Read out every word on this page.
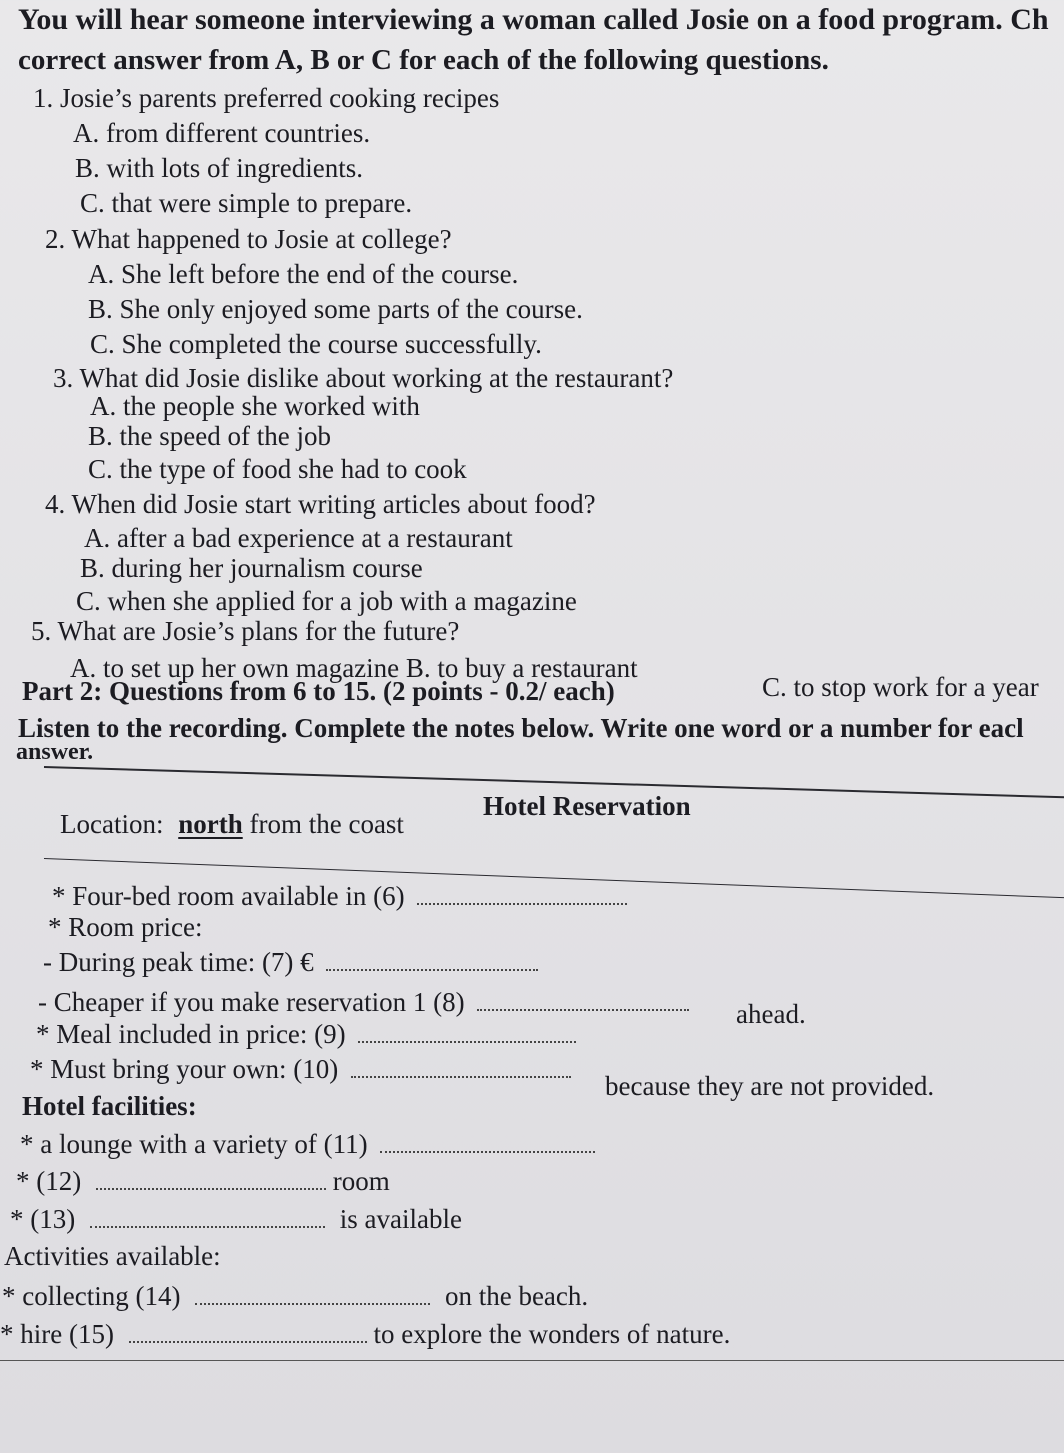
You will hear someone interviewing a woman called Josie on a food program. Ch
correct answer from A, B or C for each of the following questions.
1. Josie’s parents preferred cooking recipes
A. from different countries.
B. with lots of ingredients.
C. that were simple to prepare.
2. What happened to Josie at college?
A. She left before the end of the course.
B. She only enjoyed some parts of the course.
C. She completed the course successfully.
3. What did Josie dislike about working at the restaurant?
A. the people she worked with
B. the speed of the job
C. the type of food she had to cook
4. When did Josie start writing articles about food?
A. after a bad experience at a restaurant
B. during her journalism course
C. when she applied for a job with a magazine
5. What are Josie’s plans for the future?
A. to set up her own magazine B. to buy a restaurant
C. to stop work for a year
Part 2: Questions from 6 to 15. (2 points - 0.2/ each)
Listen to the recording. Complete the notes below. Write one word or a number for eacl
answer.
Hotel Reservation
Location: north from the coast
* Four-bed room available in (6)
* Room price:
- During peak time: (7) €
- Cheaper if you make reservation 1 (8)	ahead.
* Meal included in price: (9)
* Must bring your own: (10)
because they are not provided.
Hotel facilities:
* a lounge with a variety of (11)
* (12)	room
* (13)	is available
Activities available:
* collecting (14)	on the beach.
* hire (15)	to explore the wonders of nature.
